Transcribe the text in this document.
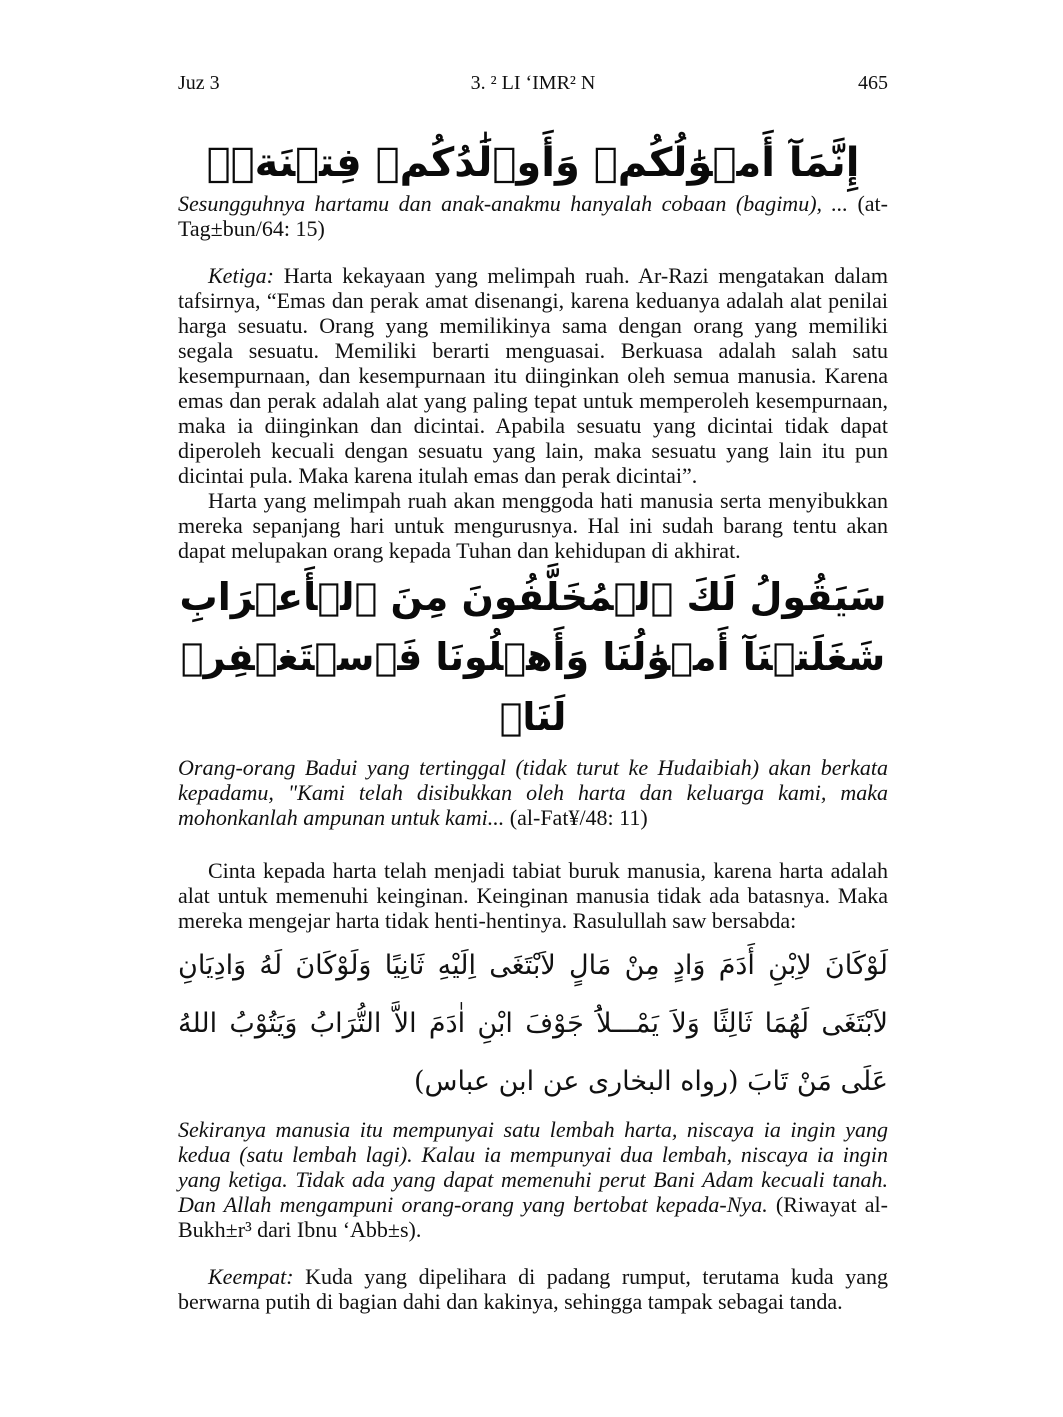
Juz 3	3. ² LI ‘IMR² N	465
إِنَّمَآ أَمۡوَٰلُكُمۡ وَأَوۡلَٰدُكُمۡ فِتۡنَةٞۚ

Sesungguhnya hartamu dan anak-anakmu hanyalah cobaan (bagimu), ... (at-Tag±bun/64: 15)

Ketiga: Harta kekayaan yang melimpah ruah. Ar-Razi mengatakan dalam tafsirnya, “Emas dan perak amat disenangi, karena keduanya adalah alat penilai harga sesuatu. Orang yang memilikinya sama dengan orang yang memiliki segala sesuatu. Memiliki berarti menguasai. Berkuasa adalah salah satu kesempurnaan, dan kesempurnaan itu diinginkan oleh semua manusia. Karena emas dan perak adalah alat yang paling tepat untuk memperoleh kesempurnaan, maka ia diinginkan dan dicintai. Apabila sesuatu yang dicintai tidak dapat diperoleh kecuali dengan sesuatu yang lain, maka sesuatu yang lain itu pun dicintai pula. Maka karena itulah emas dan perak dicintai”.

Harta yang melimpah ruah akan menggoda hati manusia serta menyibukkan mereka sepanjang hari untuk mengurusnya. Hal ini sudah barang tentu akan dapat melupakan orang kepada Tuhan dan kehidupan di akhirat.

سَيَقُولُ لَكَ ٱلۡمُخَلَّفُونَ مِنَ ٱلۡأَعۡرَابِ شَغَلَتۡنَآ أَمۡوَٰلُنَا وَأَهۡلُونَا فَٱسۡتَغۡفِرۡ لَنَاۚ

Orang-orang Badui yang tertinggal (tidak turut ke Hudaibiah) akan berkata kepadamu, "Kami telah disibukkan oleh harta dan keluarga kami, maka mohonkanlah ampunan untuk kami... (al-Fat¥/48: 11)

Cinta kepada harta telah menjadi tabiat buruk manusia, karena harta adalah alat untuk memenuhi keinginan. Keinginan manusia tidak ada batasnya. Maka mereka mengejar harta tidak henti-hentinya. Rasulullah saw bersabda:

لَوْكَانَ لاِبْنِ أَدَمَ وَادٍ مِنْ مَالٍ لاَبْتَغَى اِلَيْهِ ثَانِيًا وَلَوْكَانَ لَهُ وَادِيَانِ لاَبْتَغَى لَهُمَا ثَالِثًا وَلاَ يَمْـــلاَُ جَوْفَ ابْنِ اٰدَمَ الاَّ التُّرَابُ وَيَتُوْبُ اللهُ عَلَى مَنْ تَابَ (رواه البخارى عن ابن عباس)

Sekiranya manusia itu mempunyai satu lembah harta, niscaya ia ingin yang kedua (satu lembah lagi). Kalau ia mempunyai dua lembah, niscaya ia ingin yang ketiga. Tidak ada yang dapat memenuhi perut Bani Adam kecuali tanah. Dan Allah mengampuni orang-orang yang bertobat kepada-Nya. (Riwayat al-Bukh±r³ dari Ibnu ‘Abb±s).

Keempat: Kuda yang dipelihara di padang rumput, terutama kuda yang berwarna putih di bagian dahi dan kakinya, sehingga tampak sebagai tanda.
